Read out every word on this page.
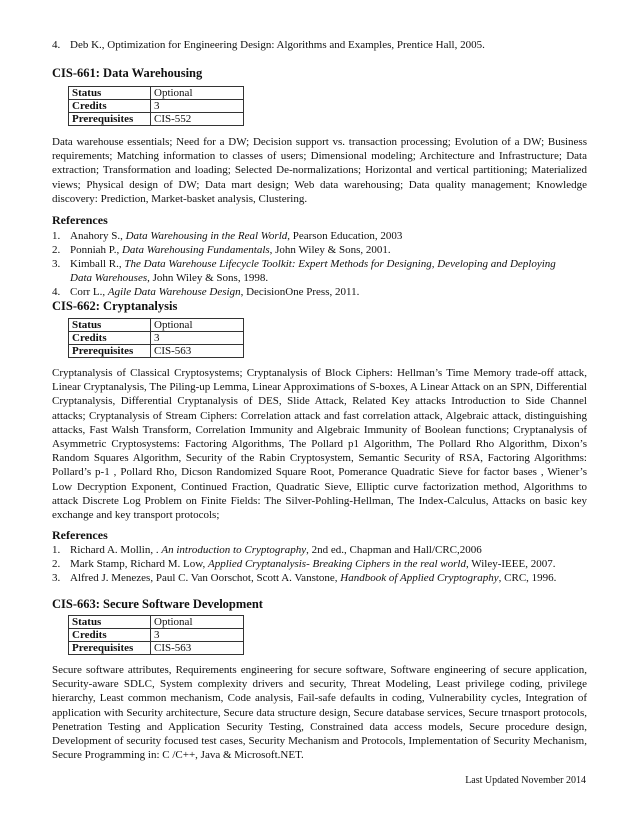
4. Deb K., Optimization for Engineering Design: Algorithms and Examples, Prentice Hall, 2005.
CIS-661: Data Warehousing
Status	Optional
Credits	3
Prerequisites	CIS-552
Data warehouse essentials; Need for a DW; Decision support vs. transaction processing; Evolution of a DW; Business requirements; Matching information to classes of users; Dimensional modeling; Architecture and Infrastructure; Data extraction; Transformation and loading; Selected De-normalizations; Horizontal and vertical partitioning; Materialized views; Physical design of DW; Data mart design; Web data warehousing; Data quality management; Knowledge discovery: Prediction, Market-basket analysis, Clustering.
References
1. Anahory S., Data Warehousing in the Real World, Pearson Education, 2003
2. Ponniah P., Data Warehousing Fundamentals, John Wiley & Sons, 2001.
3. Kimball R., The Data Warehouse Lifecycle Toolkit: Expert Methods for Designing, Developing and Deploying Data Warehouses, John Wiley & Sons, 1998.
4. Corr L., Agile Data Warehouse Design, DecisionOne Press, 2011.
CIS-662: Cryptanalysis
Status	Optional
Credits	3
Prerequisites	CIS-563
Cryptanalysis of Classical Cryptosystems; Cryptanalysis of Block Ciphers: Hellman’s Time Memory trade-off attack, Linear Cryptanalysis, The Piling-up Lemma, Linear Approximations of S-boxes, A Linear Attack on an SPN, Differential Cryptanalysis, Differential Cryptanalysis of DES, Slide Attack, Related Key attacks Introduction to Side Channel attacks; Cryptanalysis of Stream Ciphers: Correlation attack and fast correlation attack, Algebraic attack, distinguishing attacks, Fast Walsh Transform, Correlation Immunity and Algebraic Immunity of Boolean functions; Cryptanalysis of Asymmetric Cryptosystems: Factoring Algorithms, The Pollard p1 Algorithm, The Pollard Rho Algorithm, Dixon’s Random Squares Algorithm, Security of the Rabin Cryptosystem, Semantic Security of RSA, Factoring Algorithms: Pollard’s p-1 , Pollard Rho, Dicson Randomized Square Root, Pomerance Quadratic Sieve for factor bases , Wiener’s Low Decryption Exponent, Continued Fraction, Quadratic Sieve, Elliptic curve factorization method, Algorithms to attack Discrete Log Problem on Finite Fields: The Silver-Pohling-Hellman, The Index-Calculus, Attacks on basic key exchange and key transport protocols;
References
1. Richard A. Mollin, . An introduction to Cryptography, 2nd ed., Chapman and Hall/CRC,2006
2. Mark Stamp, Richard M. Low, Applied Cryptanalysis- Breaking Ciphers in the real world, Wiley-IEEE, 2007.
3. Alfred J. Menezes, Paul C. Van Oorschot, Scott A. Vanstone, Handbook of Applied Cryptography, CRC, 1996.
CIS-663: Secure Software Development
Status	Optional
Credits	3
Prerequisites	CIS-563
Secure software attributes, Requirements engineering for secure software, Software engineering of secure application, Security-aware SDLC, System complexity drivers and security, Threat Modeling, Least privilege coding, privilege hierarchy, Least common mechanism, Code analysis, Fail-safe defaults in coding, Vulnerability cycles, Integration of application with Security architecture, Secure data structure design, Secure database services, Secure trnasport protocols, Penetration Testing and Application Security Testing, Constrained data access models, Secure procedure design, Development of security focused test cases, Security Mechanism and Protocols, Implementation of Security Mechanism, Secure Programming in: C /C++, Java & Microsoft.NET.
Last Updated November 2014
